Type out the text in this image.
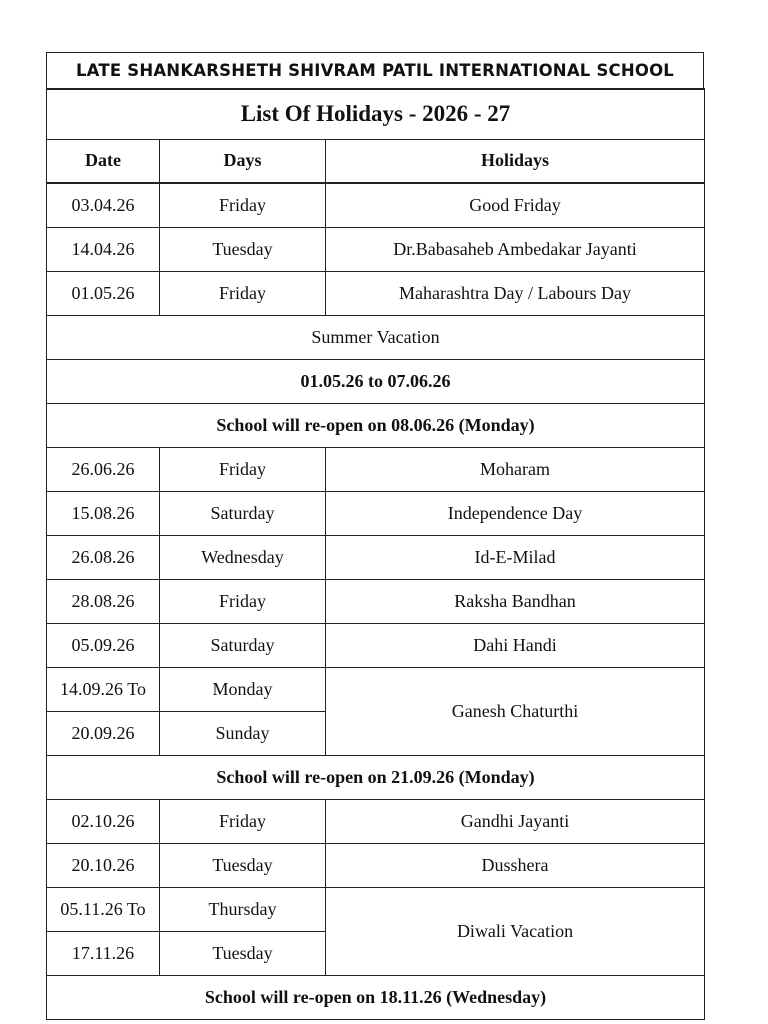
LATE SHANKARSHETH SHIVRAM PATIL INTERNATIONAL SCHOOL
List Of Holidays - 2026 - 27		
Date	Days	Holidays
03.04.26	Friday	Good Friday
14.04.26	Tuesday	Dr.Babasaheb Ambedakar Jayanti
01.05.26	Friday	Maharashtra Day / Labours Day
Summer Vacation		
01.05.26 to 07.06.26		
School will re-open on 08.06.26 (Monday)		
26.06.26	Friday	Moharam
15.08.26	Saturday	Independence Day
26.08.26	Wednesday	Id-E-Milad
28.08.26	Friday	Raksha Bandhan
05.09.26	Saturday	Dahi Handi
14.09.26 To	Monday	Ganesh Chaturthi
20.09.26	Sunday	
School will re-open on 21.09.26 (Monday)		
02.10.26	Friday	Gandhi Jayanti
20.10.26	Tuesday	Dusshera
05.11.26 To	Thursday	Diwali Vacation
17.11.26	Tuesday	
School will re-open on 18.11.26 (Wednesday)		
